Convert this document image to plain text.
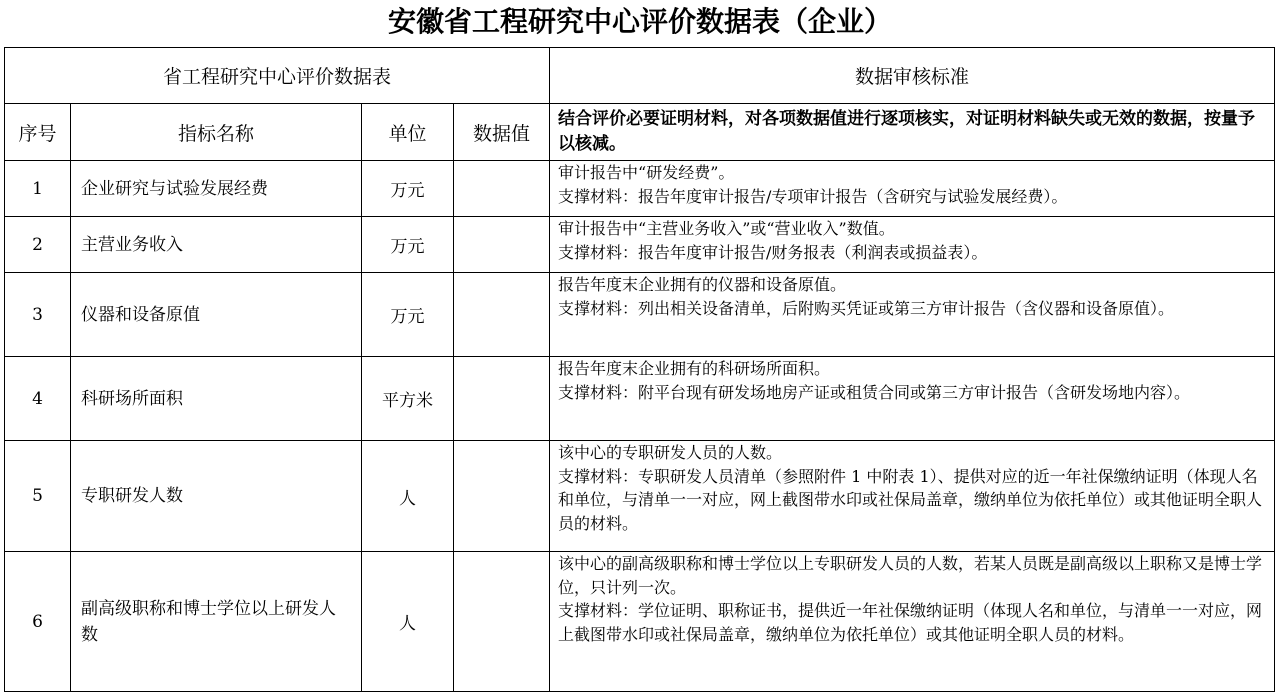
安徽省工程研究中心评价数据表（企业）
省工程研究中心评价数据表				数据审核标准
序号	指标名称	单位	数据值	结合评价必要证明材料，对各项数据值进行逐项核实，对证明材料缺失或无效的数据，按量予以核减。
1	企业研究与试验发展经费	万元		审计报告中“研发经费”。

支撑材料：报告年度审计报告/专项审计报告（含研究与试验发展经费）。

2	主营业务收入	万元		审计报告中“主营业务收入”或“营业收入”数值。

支撑材料：报告年度审计报告/财务报表（利润表或损益表）。

3	仪器和设备原值	万元		报告年度末企业拥有的仪器和设备原值。

支撑材料：列出相关设备清单，后附购买凭证或第三方审计报告（含仪器和设备原值）。

4	科研场所面积	平方米		报告年度末企业拥有的科研场所面积。

支撑材料：附平台现有研发场地房产证或租赁合同或第三方审计报告（含研发场地内容）。

5	专职研发人数	人		该中心的专职研发人员的人数。

支撑材料：专职研发人员清单（参照附件 1 中附表 1）、提供对应的近一年社保缴纳证明（体现人名和单位，与清单一一对应，网上截图带水印或社保局盖章，缴纳单位为依托单位）或其他证明全职人员的材料。

6	副高级职称和博士学位以上研发人数	人		该中心的副高级职称和博士学位以上专职研发人员的人数，若某人员既是副高级以上职称又是博士学位，只计列一次。

支撑材料：学位证明、职称证书，提供近一年社保缴纳证明（体现人名和单位，与清单一一对应，网上截图带水印或社保局盖章，缴纳单位为依托单位）或其他证明全职人员的材料。
